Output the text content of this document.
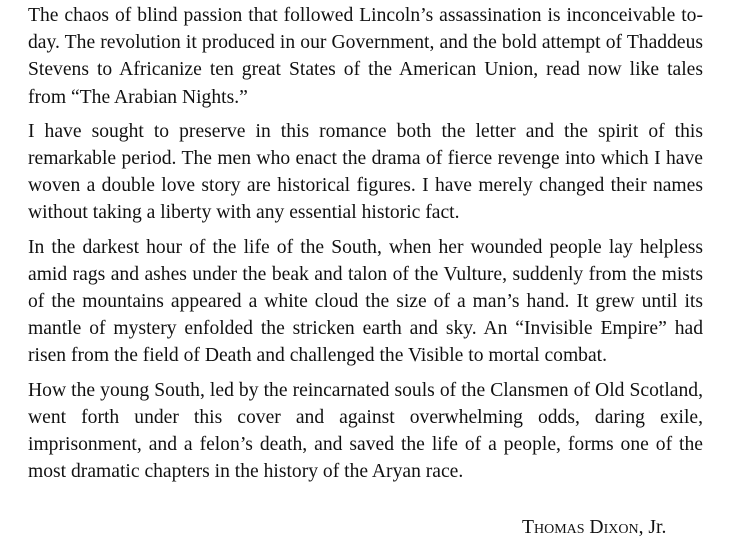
The chaos of blind passion that followed Lincoln’s assassination is inconceivable to-day. The revolution it produced in our Government, and the bold attempt of Thaddeus Stevens to Africanize ten great States of the American Union, read now like tales from “The Arabian Nights.”

I have sought to preserve in this romance both the letter and the spirit of this remarkable period. The men who enact the drama of fierce revenge into which I have woven a double love story are historical figures. I have merely changed their names without taking a liberty with any essential historic fact.

In the darkest hour of the life of the South, when her wounded people lay helpless amid rags and ashes under the beak and talon of the Vulture, suddenly from the mists of the mountains appeared a white cloud the size of a man’s hand. It grew until its mantle of mystery enfolded the stricken earth and sky. An “Invisible Empire” had risen from the field of Death and challenged the Visible to mortal combat.

How the young South, led by the reincarnated souls of the Clansmen of Old Scotland, went forth under this cover and against overwhelming odds, daring exile, imprisonment, and a felon’s death, and saved the life of a people, forms one of the most dramatic chapters in the history of the Aryan race.

Thomas Dixon, Jr.
